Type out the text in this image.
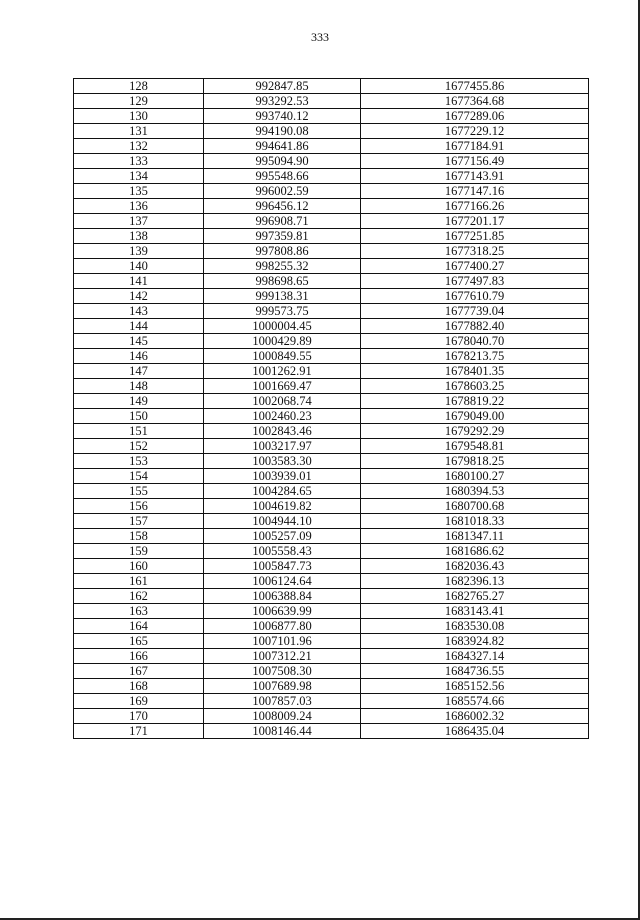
333
128	992847.85	1677455.86
129	993292.53	1677364.68
130	993740.12	1677289.06
131	994190.08	1677229.12
132	994641.86	1677184.91
133	995094.90	1677156.49
134	995548.66	1677143.91
135	996002.59	1677147.16
136	996456.12	1677166.26
137	996908.71	1677201.17
138	997359.81	1677251.85
139	997808.86	1677318.25
140	998255.32	1677400.27
141	998698.65	1677497.83
142	999138.31	1677610.79
143	999573.75	1677739.04
144	1000004.45	1677882.40
145	1000429.89	1678040.70
146	1000849.55	1678213.75
147	1001262.91	1678401.35
148	1001669.47	1678603.25
149	1002068.74	1678819.22
150	1002460.23	1679049.00
151	1002843.46	1679292.29
152	1003217.97	1679548.81
153	1003583.30	1679818.25
154	1003939.01	1680100.27
155	1004284.65	1680394.53
156	1004619.82	1680700.68
157	1004944.10	1681018.33
158	1005257.09	1681347.11
159	1005558.43	1681686.62
160	1005847.73	1682036.43
161	1006124.64	1682396.13
162	1006388.84	1682765.27
163	1006639.99	1683143.41
164	1006877.80	1683530.08
165	1007101.96	1683924.82
166	1007312.21	1684327.14
167	1007508.30	1684736.55
168	1007689.98	1685152.56
169	1007857.03	1685574.66
170	1008009.24	1686002.32
171	1008146.44	1686435.04
